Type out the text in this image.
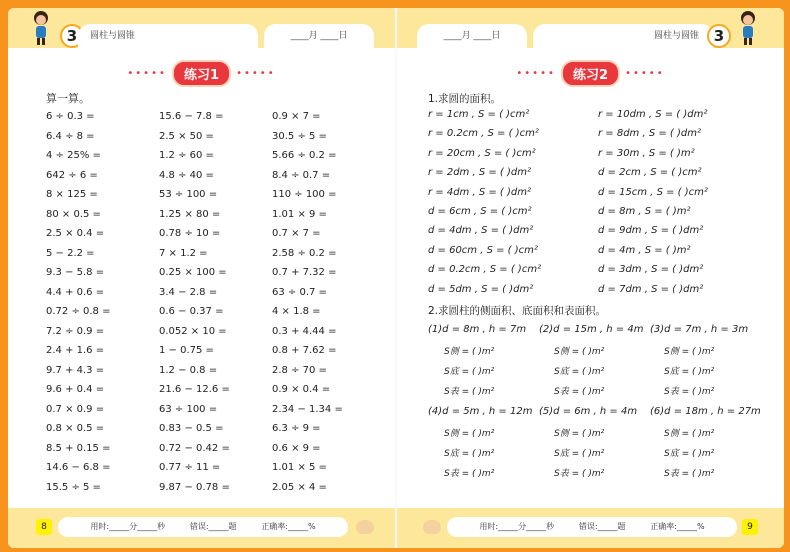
3	圆柱与圆锥	____月 ____日
••••• 练习1 •••••
算一算。
6 ÷ 0.3 =	15.6 − 7.8 =	0.9 × 7 =
6.4 ÷ 8 =	2.5 × 50 =	30.5 ÷ 5 =
4 ÷ 25% =	1.2 ÷ 60 =	5.66 ÷ 0.2 =
642 ÷ 6 =	4.8 ÷ 40 =	8.4 ÷ 0.7 =
8 × 125 =	53 ÷ 100 =	110 ÷ 100 =
80 × 0.5 =	1.25 × 80 =	1.01 × 9 =
2.5 × 0.4 =	0.78 ÷ 10 =	0.7 × 7 =
5 − 2.2 =	7 × 1.2 =	2.58 ÷ 0.2 =
9.3 − 5.8 =	0.25 × 100 =	0.7 + 7.32 =
4.4 + 0.6 =	3.4 − 2.8 =	63 ÷ 0.7 =
0.72 ÷ 0.8 =	0.6 − 0.37 =	4 × 1.8 =
7.2 ÷ 0.9 =	0.052 × 10 =	0.3 + 4.44 =
2.4 + 1.6 =	1 − 0.75 =	0.8 + 7.62 =
9.7 + 4.3 =	1.2 − 0.8 =	2.8 ÷ 70 =
9.6 + 0.4 =	21.6 − 12.6 =	0.9 × 0.4 =
0.7 × 0.9 =	63 ÷ 100 =	2.34 − 1.34 =
0.8 × 0.5 =	0.83 − 0.5 =	6.3 ÷ 9 =
8.5 + 0.15 =	0.72 − 0.42 =	0.6 × 9 =
14.6 − 6.8 =	0.77 ÷ 11 =	1.01 × 5 =
15.5 ÷ 5 =	9.87 − 0.78 =	2.05 × 4 =
8	用时:_____分_____秒	错误:_____题	正确率:_____%
____月 ____日	圆柱与圆锥 3
••••• 练习2 •••••
用时:_____分_____秒	错误:_____题	正确率:_____%	9
1.求圆的面积。
r = 1cm , S = ( )cm²	r = 10dm , S = ( )dm²
r = 0.2cm , S = ( )cm²	r = 8dm , S = ( )dm²
r = 20cm , S = ( )cm²	r = 30m , S = ( )m²
r = 2dm , S = ( )dm²	d = 2cm , S = ( )cm²
r = 4dm , S = ( )dm²	d = 15cm , S = ( )cm²
d = 6cm , S = ( )cm²	d = 8m , S = ( )m²
d = 4dm , S = ( )dm²	d = 9dm , S = ( )dm²
d = 60cm , S = ( )cm²	d = 4m , S = ( )m²
d = 0.2cm , S = ( )cm²	d = 3dm , S = ( )dm²
d = 5dm , S = ( )dm²	d = 7dm , S = ( )dm²
2.求圆柱的侧面积、底面积和表面积。
(1)d = 8m , h = 7m	(2)d = 15m , h = 4m (3)d = 7m , h = 3m
S侧 = ( )m²	S侧 = ( )m²	S侧 = ( )m²
S底 = ( )m²	S底 = ( )m²	S底 = ( )m²
S表 = ( )m²	S表 = ( )m²	S表 = ( )m²
(4)d = 5m , h = 12m (5)d = 6m , h = 4m	(6)d = 18m , h = 27m
S侧 = ( )m²	S侧 = ( )m²	S侧 = ( )m²
S底 = ( )m²	S底 = ( )m²	S底 = ( )m²
S表 = ( )m²	S表 = ( )m²	S表 = ( )m²
